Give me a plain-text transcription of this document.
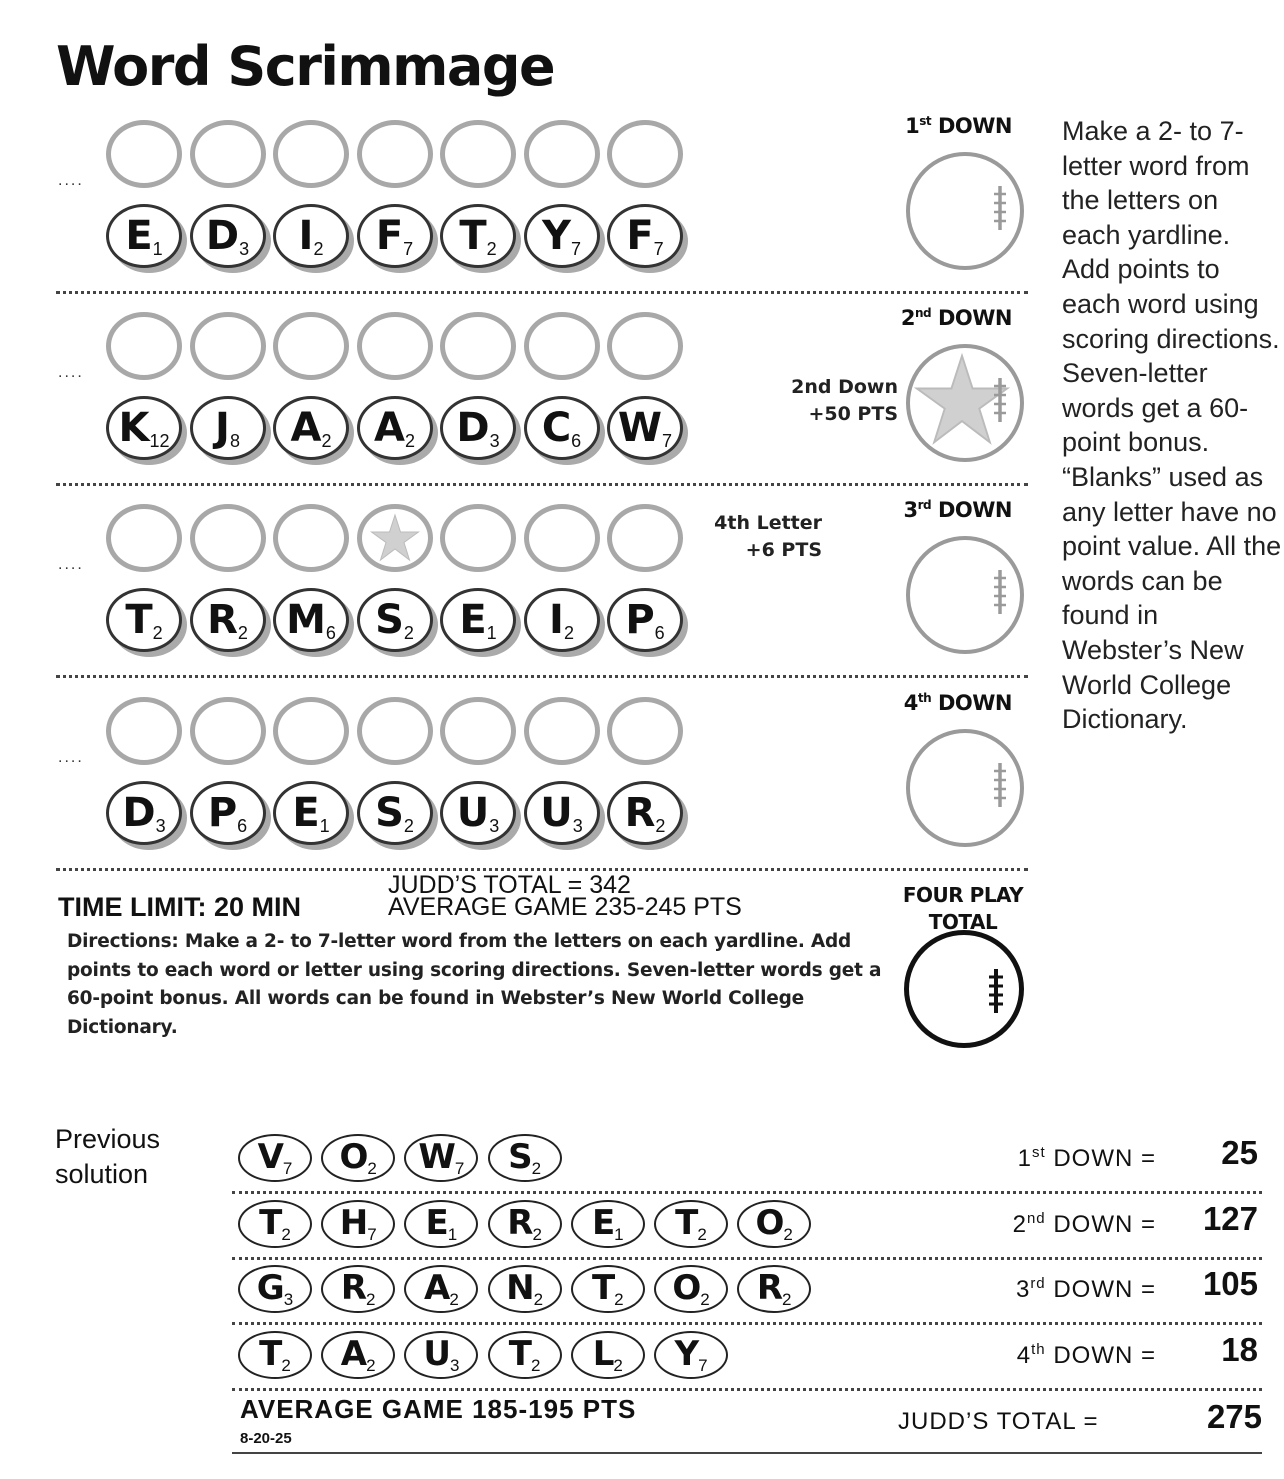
Word Scrimmage
....
E1	D3	I2	F7	T2	Y7	F7
1st DOWN
....
K12	J8	A2	A2	D3	C6 W7
2nd DOWN
2nd Down
+50 PTS
....
T2	R2 M6 S2	E1	I2	P6
3rd DOWN
4th Letter
+6 PTS
....
D3	P6	E1	S2	U3	U3	R2
4th DOWN
Make a 2- to 7-letter word from the letters on each yardline. Add points to each word using scoring directions. Seven-letter words get a 60-point bonus. “Blanks” used as any letter have no point value. All the words can be found in Webster’s New World College Dictionary.
TIME LIMIT: 20 MIN
JUDD’S TOTAL = 342
AVERAGE GAME 235-245 PTS
Directions: Make a 2- to 7-letter word from the letters on each yardline. Add points to each word or letter using scoring directions. Seven-letter words get a 60-point bonus. All words can be found in Webster’s New World College Dictionary.
FOUR PLAY
TOTAL
Previous
solution	V7	O2	W7	S2	1st DOWN = 25
T2	H7	E1	R2	E1	T2	O2	2nd DOWN = 127
G3	R2	A2	N2	T2	O2	R2	3rd DOWN = 105
T2	A2	U3	T2	L2	Y7	4th DOWN = 18
AVERAGE GAME 185-195 PTS
8-20-25
JUDD’S TOTAL =	275
